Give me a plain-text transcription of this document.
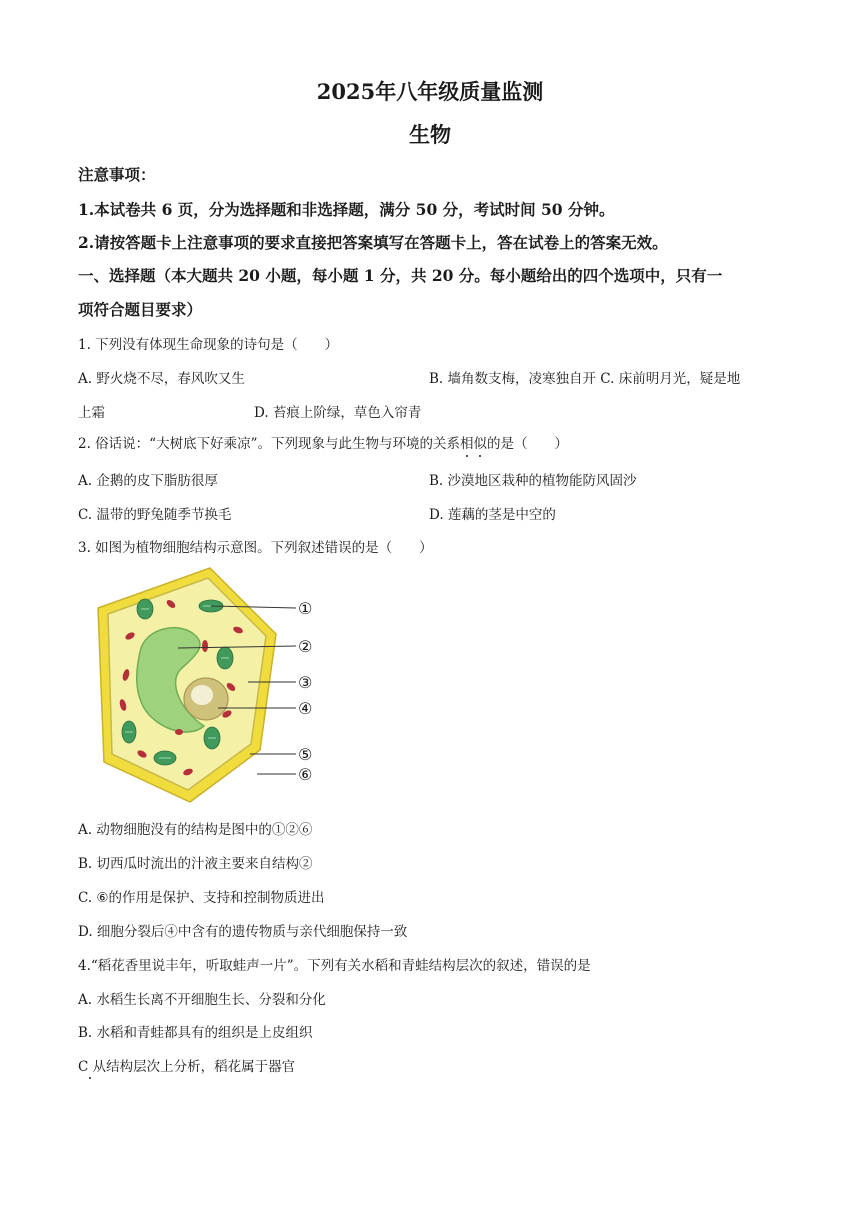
2025年八年级质量监测
生物
注意事项：
1.本试卷共 6 页，分为选择题和非选择题，满分 50 分，考试时间 50 分钟。
2.请按答题卡上注意事项的要求直接把答案填写在答题卡上，答在试卷上的答案无效。
一、选择题（本大题共 20 小题，每小题 1 分，共 20 分。每小题给出的四个选项中，只有一
项符合题目要求）
1. 下列没有体现生命现象的诗句是（　　）
A. 野火烧不尽，春风吹又生	B. 墙角数支梅，凌寒独自开 C. 床前明月光，疑是地
上霜	D. 苔痕上阶绿，草色入帘青
2. 俗话说：“大树底下好乘凉”。下列现象与此生物与环境的关系相似的是（　　）
A. 企鹅的皮下脂肪很厚	B. 沙漠地区栽种的植物能防风固沙
C. 温带的野兔随季节换毛	D. 莲藕的茎是中空的
3. 如图为植物细胞结构示意图。下列叙述错误的是（　　）
①
②
③
④
⑤
⑥
A. 动物细胞没有的结构是图中的①②⑥
B. 切西瓜时流出的汁液主要来自结构②
C. ⑥的作用是保护、支持和控制物质进出
D. 细胞分裂后④中含有的遗传物质与亲代细胞保持一致
4.“稻花香里说丰年，听取蛙声一片”。下列有关水稻和青蛙结构层次的叙述，错误的是
A. 水稻生长离不开细胞生长、分裂和分化
B. 水稻和青蛙都具有的组织是上皮组织
C 从结构层次上分析，稻花属于器官
